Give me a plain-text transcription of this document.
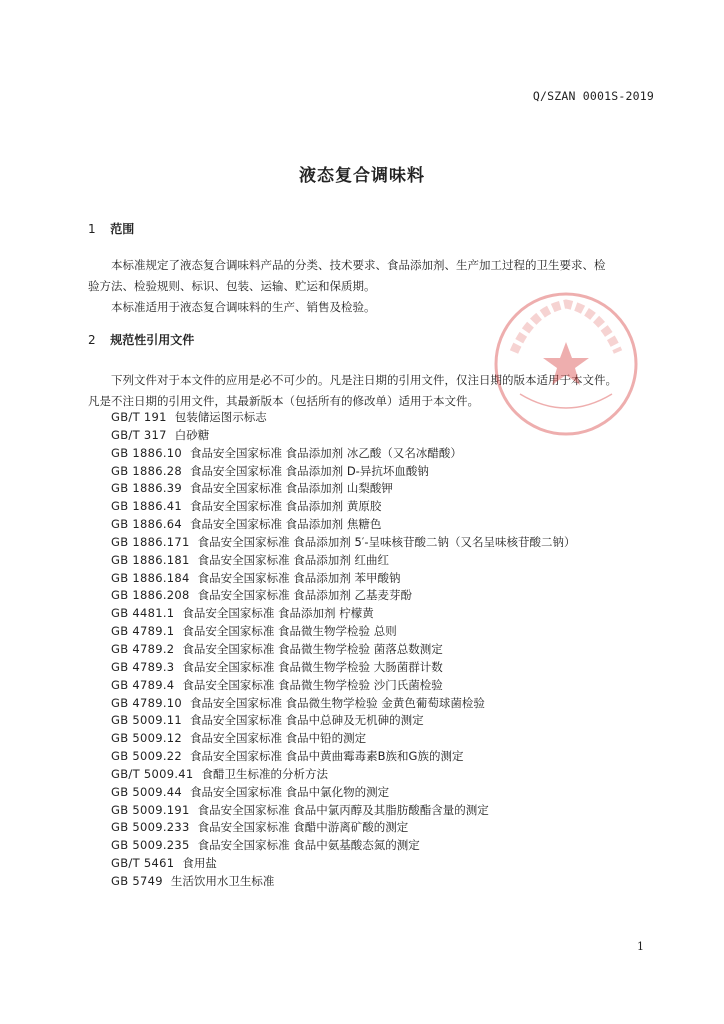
Q/SZAN 0001S-2019
液态复合调味料
1 范围
本标准规定了液态复合调味料产品的分类、技术要求、食品添加剂、生产加工过程的卫生要求、检
验方法、检验规则、标识、包装、运输、贮运和保质期。
本标准适用于液态复合调味料的生产、销售及检验。
2 规范性引用文件
下列文件对于本文件的应用是必不可少的。凡是注日期的引用文件，仅注日期的版本适用于本文件。
凡是不注日期的引用文件，其最新版本（包括所有的修改单）适用于本文件。
GB/T 191 包装储运图示标志
GB/T 317 白砂糖
GB 1886.10 食品安全国家标准 食品添加剂 冰乙酸（又名冰醋酸）
GB 1886.28 食品安全国家标准 食品添加剂 D-异抗坏血酸钠
GB 1886.39 食品安全国家标准 食品添加剂 山梨酸钾
GB 1886.41 食品安全国家标准 食品添加剂 黄原胶
GB 1886.64 食品安全国家标准 食品添加剂 焦糖色
GB 1886.171 食品安全国家标准 食品添加剂 5′-呈味核苷酸二钠（又名呈味核苷酸二钠）
GB 1886.181 食品安全国家标准 食品添加剂 红曲红
GB 1886.184 食品安全国家标准 食品添加剂 苯甲酸钠
GB 1886.208 食品安全国家标准 食品添加剂 乙基麦芽酚
GB 4481.1 食品安全国家标准 食品添加剂 柠檬黄
GB 4789.1 食品安全国家标准 食品微生物学检验 总则
GB 4789.2 食品安全国家标准 食品微生物学检验 菌落总数测定
GB 4789.3 食品安全国家标准 食品微生物学检验 大肠菌群计数
GB 4789.4 食品安全国家标准 食品微生物学检验 沙门氏菌检验
GB 4789.10 食品安全国家标准 食品微生物学检验 金黄色葡萄球菌检验
GB 5009.11 食品安全国家标准 食品中总砷及无机砷的测定
GB 5009.12 食品安全国家标准 食品中铅的测定
GB 5009.22 食品安全国家标准 食品中黄曲霉毒素B族和G族的测定
GB/T 5009.41 食醋卫生标准的分析方法
GB 5009.44 食品安全国家标准 食品中氯化物的测定
GB 5009.191 食品安全国家标准 食品中氯丙醇及其脂肪酸酯含量的测定
GB 5009.233 食品安全国家标准 食醋中游离矿酸的测定
GB 5009.235 食品安全国家标准 食品中氨基酸态氮的测定
GB/T 5461 食用盐
GB 5749 生活饮用水卫生标准
1
